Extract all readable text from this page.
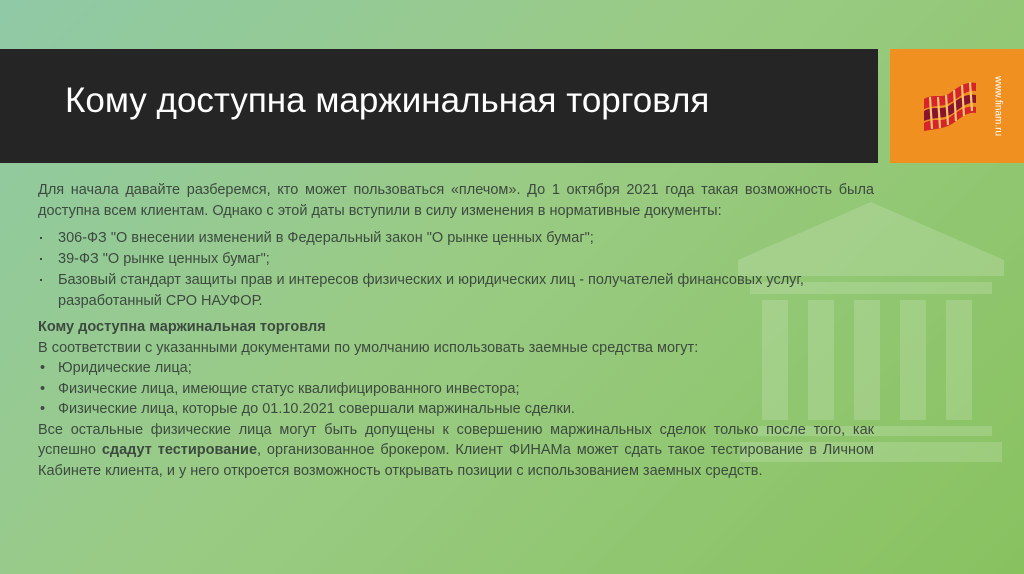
Кому доступна маржинальная торговля	www.finam.ru

Для начала давайте разберемся, кто может пользоваться «плечом». До 1 октября 2021 года такая возможность была доступна всем клиентам. Однако с этой даты вступили в силу изменения в нормативные документы:

306-ФЗ "О внесении изменений в Федеральный закон "О рынке ценных бумаг";
39-ФЗ "О рынке ценных бумаг";
Базовый стандарт защиты прав и интересов физических и юридических лиц - получателей финансовых услуг, разработанный СРО НАУФОР.

Кому доступна маржинальная торговля

В соответствии с указанными документами по умолчанию использовать заемные средства могут:

• Юридические лица;
• Физические лица, имеющие статус квалифицированного инвестора;
• Физические лица, которые до 01.10.2021 совершали маржинальные сделки.

Все остальные физические лица могут быть допущены к совершению маржинальных сделок только после того, как успешно сдадут тестирование, организованное брокером. Клиент ФИНАМа может сдать такое тестирование в Личном Кабинете клиента, и у него откроется возможность открывать позиции с использованием заемных средств.
